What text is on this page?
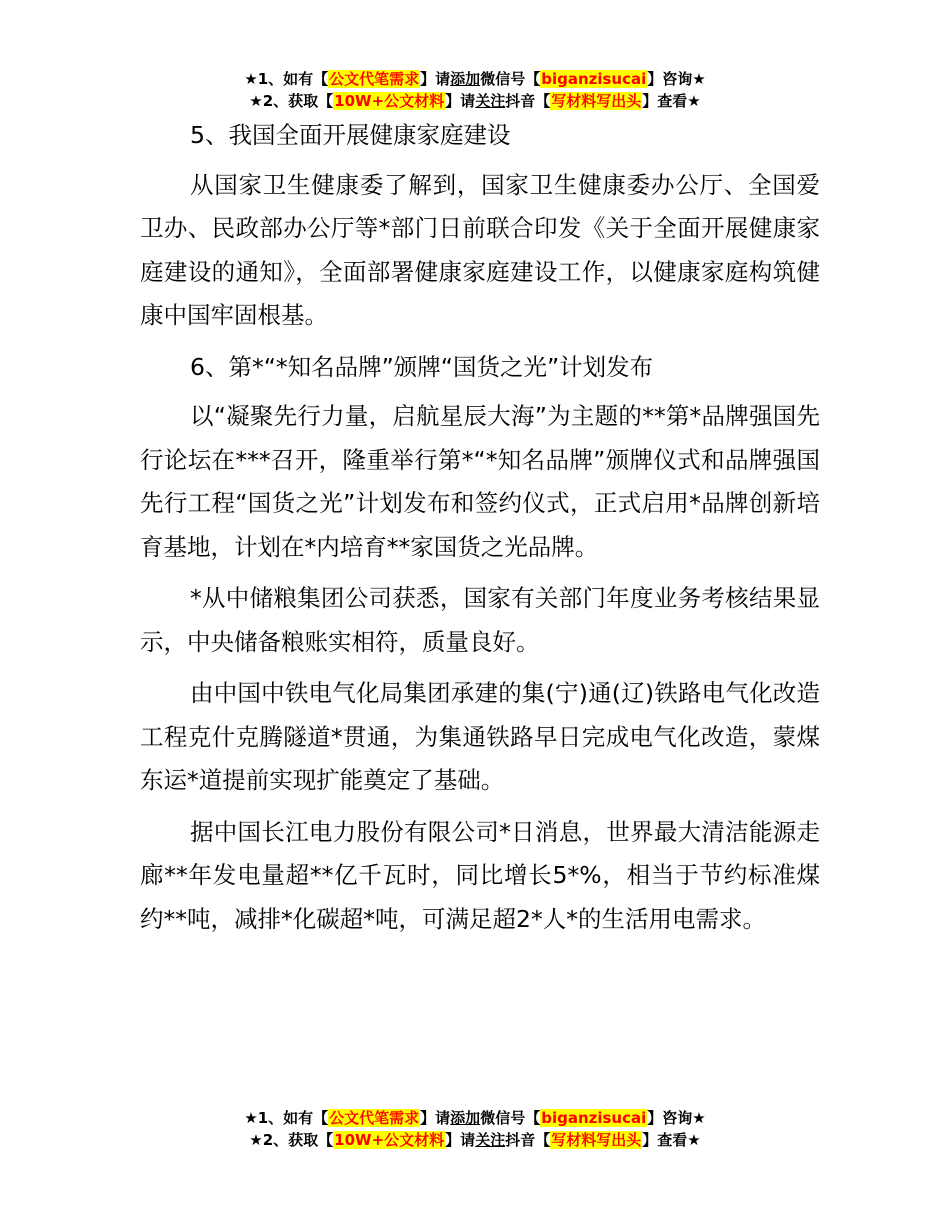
★1、如有【公文代笔需求】请添加微信号【biganzisucai】咨询★
★2、获取【10W+公文材料】请关注抖音【写材料写出头】查看★

5、我国全面开展健康家庭建设

从国家卫生健康委了解到，国家卫生健康委办公厅、全国爱卫办、民政部办公厅等*部门日前联合印发《关于全面开展健康家庭建设的通知》，全面部署健康家庭建设工作，以健康家庭构筑健康中国牢固根基。

6、第*“*知名品牌”颁牌“国货之光”计划发布

以“凝聚先行力量，启航星辰大海”为主题的**第*品牌强国先行论坛在***召开，隆重举行第*“*知名品牌”颁牌仪式和品牌强国先行工程“国货之光”计划发布和签约仪式，正式启用*品牌创新培育基地，计划在*内培育**家国货之光品牌。

*从中储粮集团公司获悉，国家有关部门年度业务考核结果显示，中央储备粮账实相符，质量良好。

由中国中铁电气化局集团承建的集(宁)通(辽)铁路电气化改造工程克什克腾隧道*贯通，为集通铁路早日完成电气化改造，蒙煤东运*道提前实现扩能奠定了基础。

据中国长江电力股份有限公司*日消息，世界最大清洁能源走廊**年发电量超**亿千瓦时，同比增长5*%，相当于节约标准煤约**吨，减排*化碳超*吨，可满足超2*人*的生活用电需求。

★1、如有【公文代笔需求】请添加微信号【biganzisucai】咨询★
★2、获取【10W+公文材料】请关注抖音【写材料写出头】查看★
